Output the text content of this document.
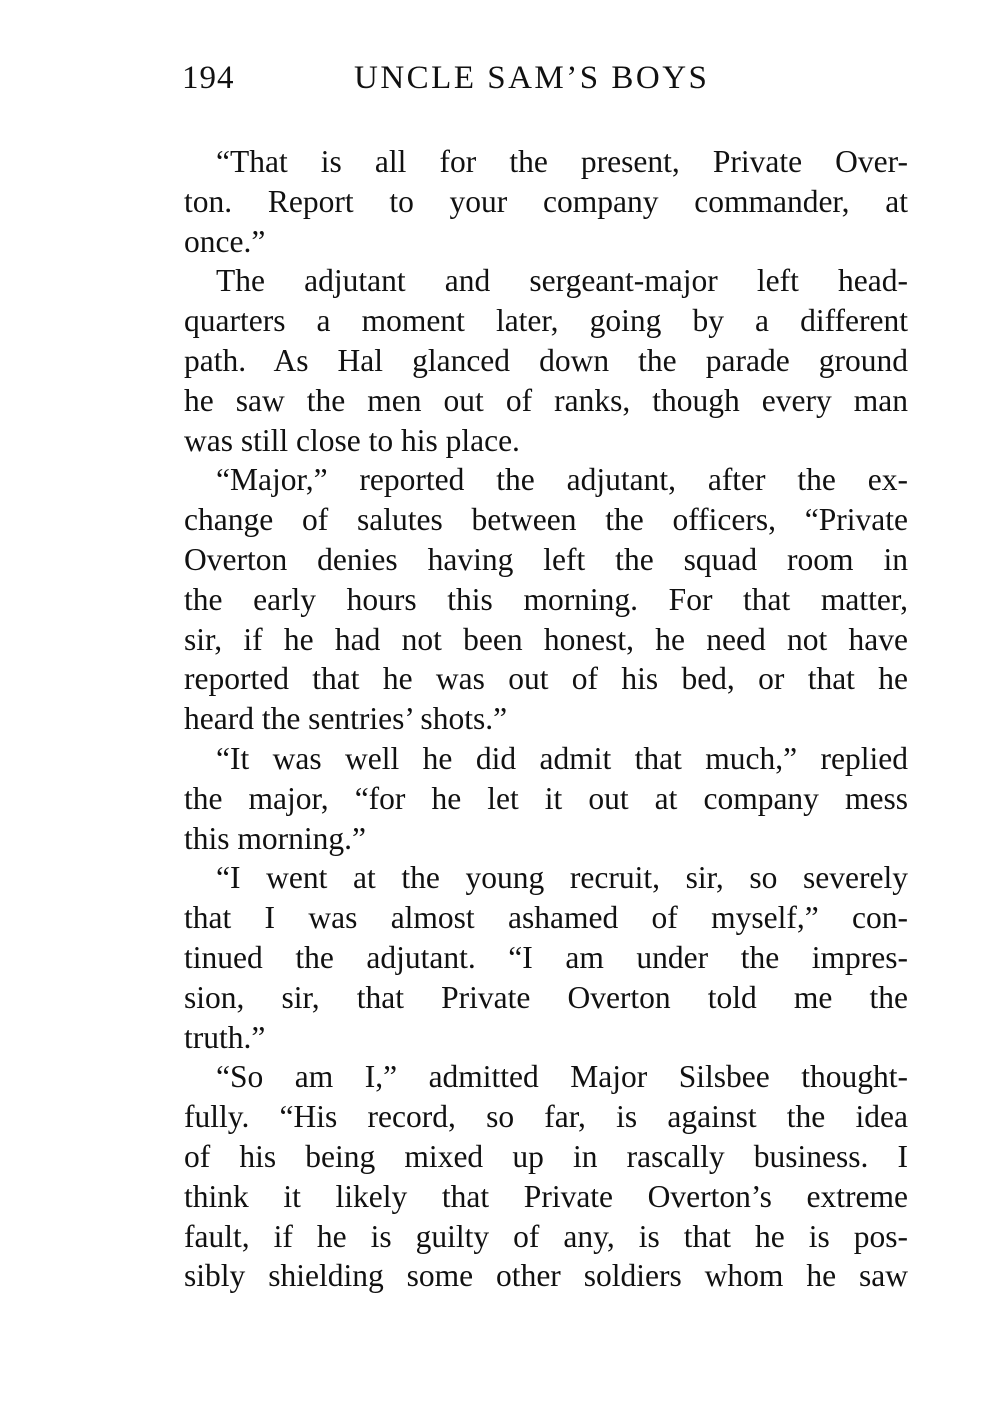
194	UNCLE SAM’S BOYS
“That is all for the present, Private Over-
ton. Report to your company commander, at
once.”
The adjutant and sergeant-major left head-
quarters a moment later, going by a different
path. As Hal glanced down the parade ground
he saw the men out of ranks, though every man
was still close to his place.
“Major,” reported the adjutant, after the ex-
change of salutes between the officers, “Private
Overton denies having left the squad room in
the early hours this morning. For that matter,
sir, if he had not been honest, he need not have
reported that he was out of his bed, or that he
heard the sentries’ shots.”
“It was well he did admit that much,” replied
the major, “for he let it out at company mess
this morning.”
“I went at the young recruit, sir, so severely
that I was almost ashamed of myself,” con-
tinued the adjutant. “I am under the impres-
sion, sir, that Private Overton told me the
truth.”
“So am I,” admitted Major Silsbee thought-
fully. “His record, so far, is against the idea
of his being mixed up in rascally business. I
think it likely that Private Overton’s extreme
fault, if he is guilty of any, is that he is pos-
sibly shielding some other soldiers whom he saw
